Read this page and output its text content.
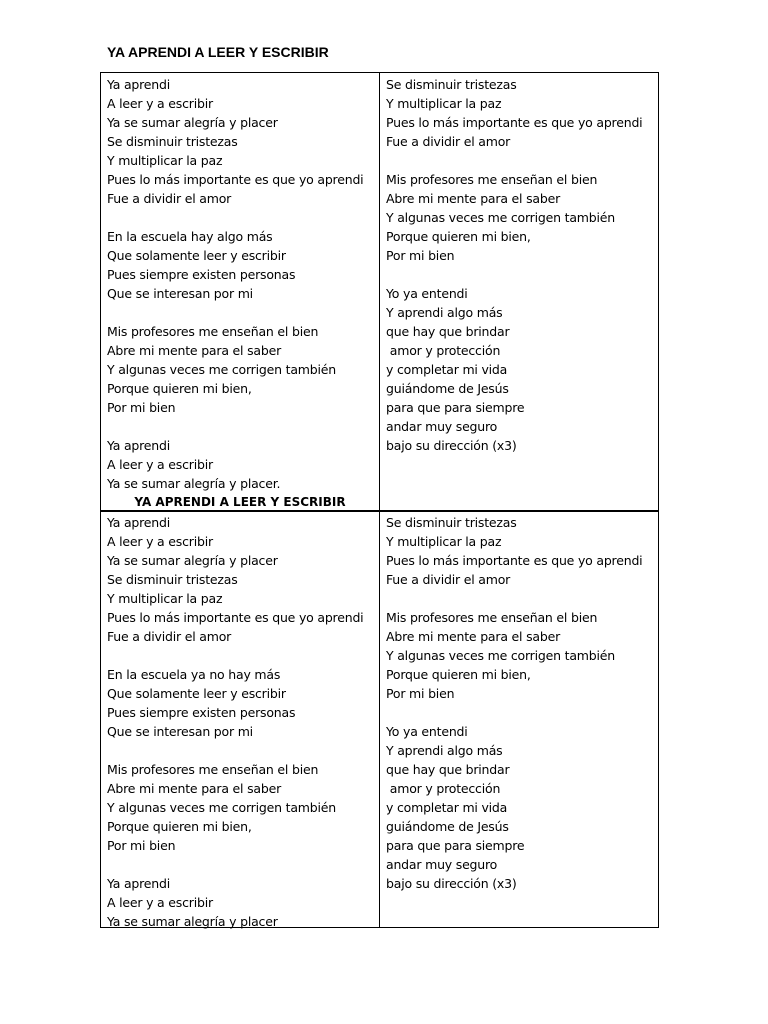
YA APRENDI A LEER Y ESCRIBIR
Ya aprendi
A leer y a escribir
Ya se sumar alegría y placer
Se disminuir tristezas
Y multiplicar la paz
Pues lo más importante es que yo aprendi
Fue a dividir el amor
En la escuela hay algo más
Que solamente leer y escribir
Pues siempre existen personas
Que se interesan por mi
Mis profesores me enseñan el bien
Abre mi mente para el saber
Y algunas veces me corrigen también
Porque quieren mi bien,
Por mi bien
Ya aprendi
A leer y a escribir
Ya se sumar alegría y placer.
YA APRENDI A LEER Y ESCRIBIR
Se disminuir tristezas
Y multiplicar la paz
Pues lo más importante es que yo aprendi
Fue a dividir el amor
Mis profesores me enseñan el bien
Abre mi mente para el saber
Y algunas veces me corrigen también
Porque quieren mi bien,
Por mi bien
Yo ya entendi
Y aprendi algo más
que hay que brindar
amor y protección
y completar mi vida
guiándome de Jesús
para que para siempre
andar muy seguro
bajo su dirección (x3)
Ya aprendi
A leer y a escribir
Ya se sumar alegría y placer
Se disminuir tristezas
Y multiplicar la paz
Pues lo más importante es que yo aprendi
Fue a dividir el amor
En la escuela ya no hay más
Que solamente leer y escribir
Pues siempre existen personas
Que se interesan por mi
Mis profesores me enseñan el bien
Abre mi mente para el saber
Y algunas veces me corrigen también
Porque quieren mi bien,
Por mi bien
Ya aprendi
A leer y a escribir
Ya se sumar alegría y placer
Se disminuir tristezas
Y multiplicar la paz
Pues lo más importante es que yo aprendi
Fue a dividir el amor
Mis profesores me enseñan el bien
Abre mi mente para el saber
Y algunas veces me corrigen también
Porque quieren mi bien,
Por mi bien
Yo ya entendi
Y aprendi algo más
que hay que brindar
amor y protección
y completar mi vida
guiándome de Jesús
para que para siempre
andar muy seguro
bajo su dirección (x3)
